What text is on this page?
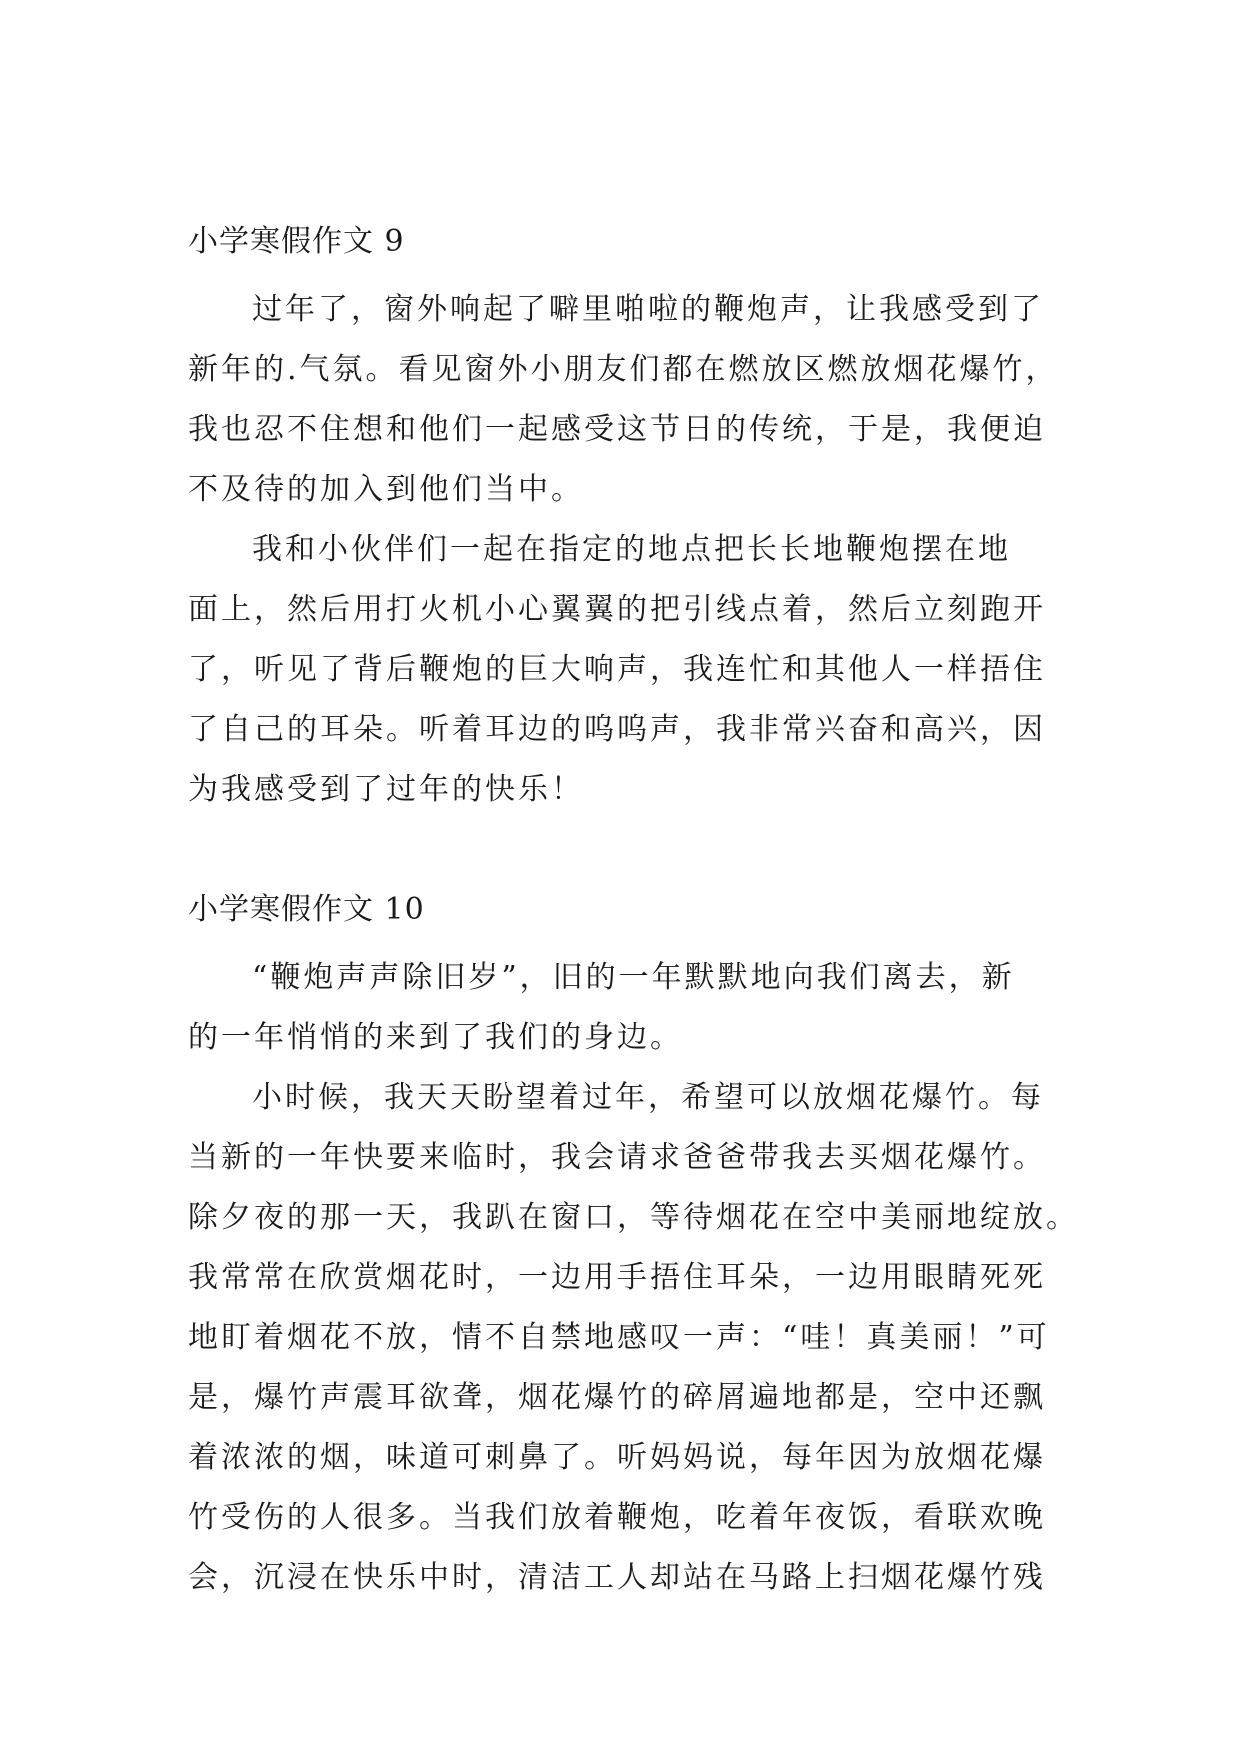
小学寒假作文 9
过年了，窗外响起了噼里啪啦的鞭炮声，让我感受到了
新年的.气氛。看见窗外小朋友们都在燃放区燃放烟花爆竹，
我也忍不住想和他们一起感受这节日的传统，于是，我便迫
不及待的加入到他们当中。
我和小伙伴们一起在指定的地点把长长地鞭炮摆在地
面上，然后用打火机小心翼翼的把引线点着，然后立刻跑开
了，听见了背后鞭炮的巨大响声，我连忙和其他人一样捂住
了自己的耳朵。听着耳边的呜呜声，我非常兴奋和高兴，因
为我感受到了过年的快乐！
小学寒假作文 10
“鞭炮声声除旧岁”，旧的一年默默地向我们离去，新
的一年悄悄的来到了我们的身边。
小时候，我天天盼望着过年，希望可以放烟花爆竹。每
当新的一年快要来临时，我会请求爸爸带我去买烟花爆竹。
除夕夜的那一天，我趴在窗口，等待烟花在空中美丽地绽放。
我常常在欣赏烟花时，一边用手捂住耳朵，一边用眼睛死死
地盯着烟花不放，情不自禁地感叹一声：“哇！真美丽！”可
是，爆竹声震耳欲聋，烟花爆竹的碎屑遍地都是，空中还飘
着浓浓的烟，味道可刺鼻了。听妈妈说，每年因为放烟花爆
竹受伤的人很多。当我们放着鞭炮，吃着年夜饭，看联欢晚
会，沉浸在快乐中时，清洁工人却站在马路上扫烟花爆竹残
